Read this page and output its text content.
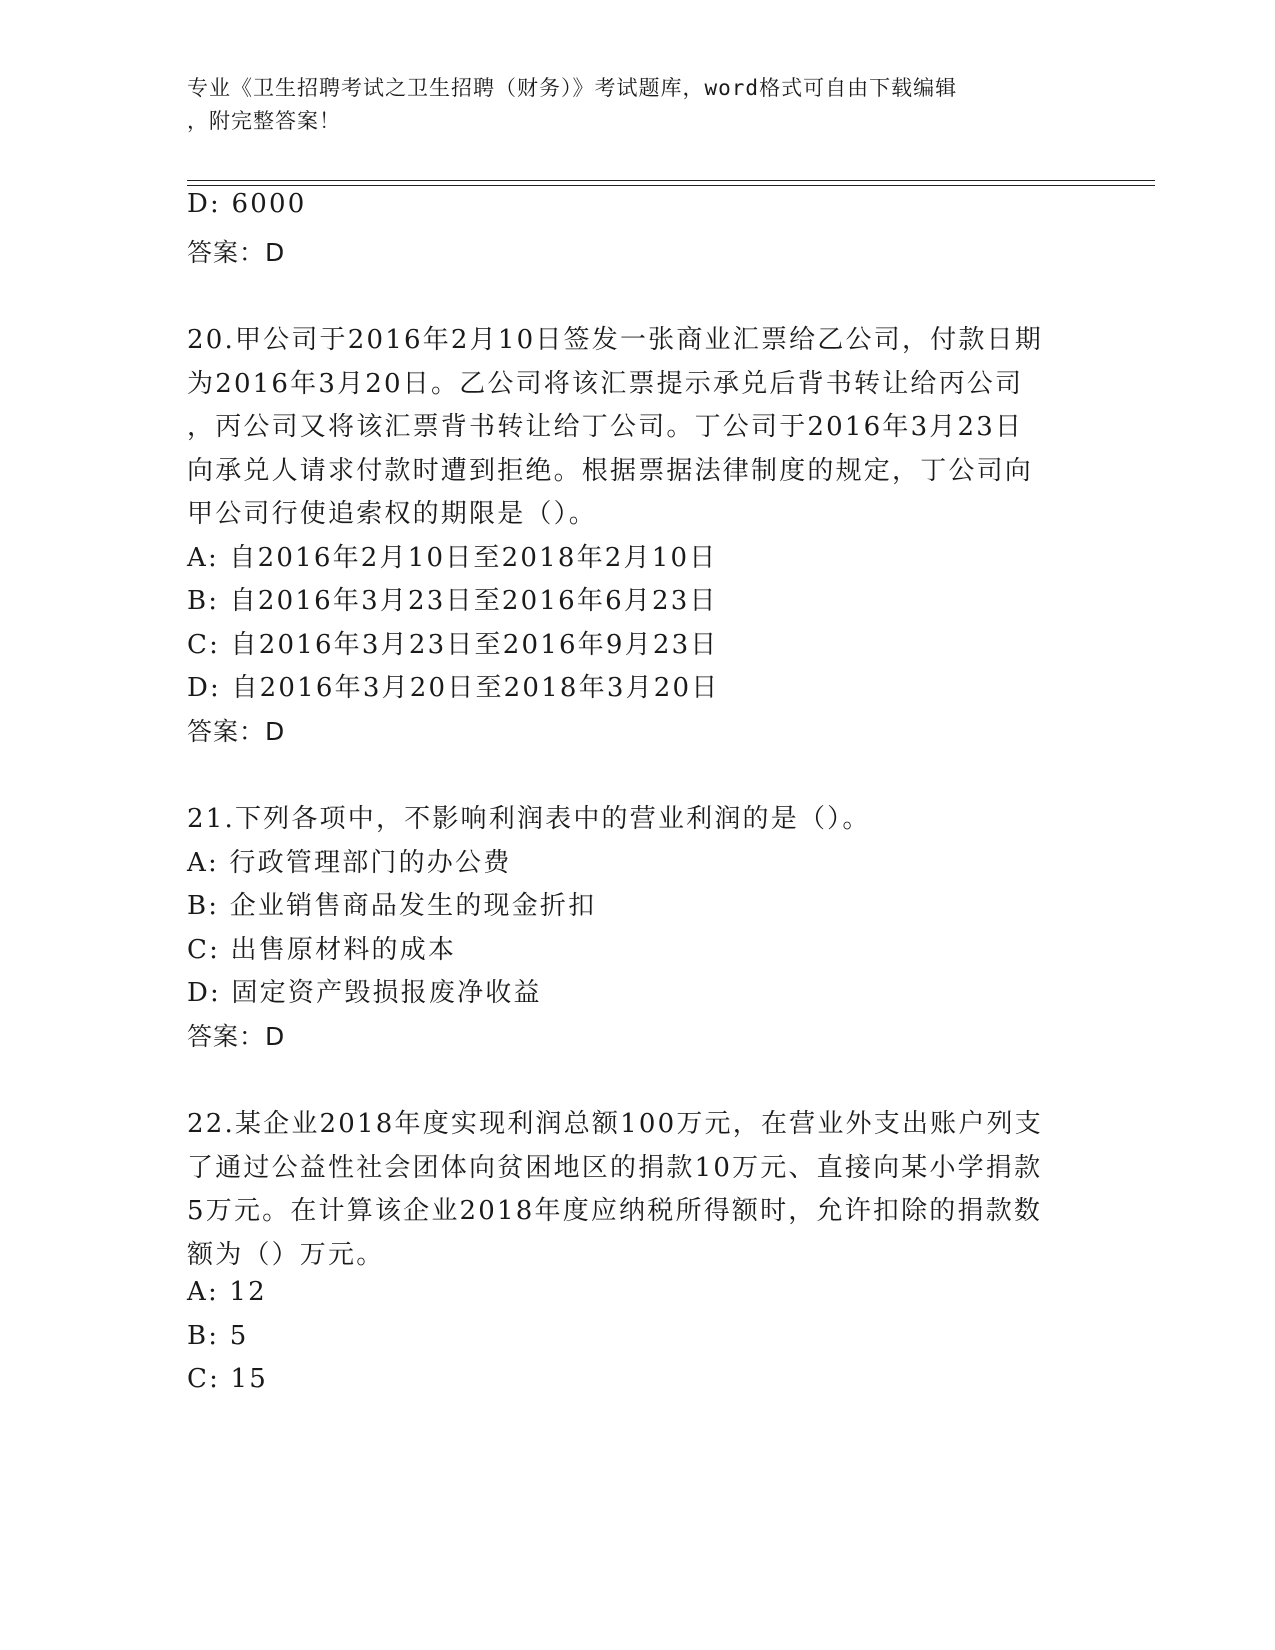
专业《卫生招聘考试之卫生招聘（财务）》考试题库，word格式可自由下载编辑
，附完整答案！
D: 6000
答案：D
20.甲公司于2016年2月10日签发一张商业汇票给乙公司，付款日期
为2016年3月20日。乙公司将该汇票提示承兑后背书转让给丙公司
，丙公司又将该汇票背书转让给丁公司。丁公司于2016年3月23日
向承兑人请求付款时遭到拒绝。根据票据法律制度的规定，丁公司向
甲公司行使追索权的期限是（）。
A: 自2016年2月10日至2018年2月10日
B: 自2016年3月23日至2016年6月23日
C: 自2016年3月23日至2016年9月23日
D: 自2016年3月20日至2018年3月20日
答案：D
21.下列各项中，不影响利润表中的营业利润的是（）。
A: 行政管理部门的办公费
B: 企业销售商品发生的现金折扣
C: 出售原材料的成本
D: 固定资产毁损报废净收益
答案：D
22.某企业2018年度实现利润总额100万元，在营业外支出账户列支
了通过公益性社会团体向贫困地区的捐款10万元、直接向某小学捐款
5万元。在计算该企业2018年度应纳税所得额时，允许扣除的捐款数
额为（）万元。
A: 12
B: 5
C: 15
